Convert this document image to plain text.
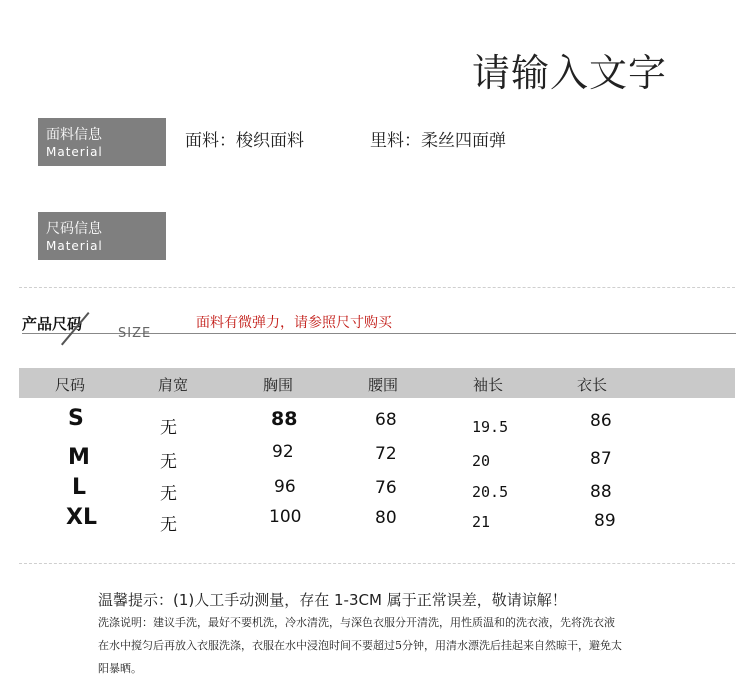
请输入文字
面料信息
Material
面料：梭织面料	里料：柔丝四面弹
尺码信息
Material
产品尺码
SIZE
面料有微弹力，请参照尺寸购买
尺码	肩宽	胸围	腰围	袖长	衣长
S	无	88	68	19.5	86
M	无	92	72	20	87
L	无	96	76	20.5	88
XL	无	100	80	21	89
温馨提示：(1)人工手动测量，存在 1-3CM 属于正常误差，敬请谅解！
洗涤说明：建议手洗，最好不要机洗，冷水清洗，与深色衣服分开清洗，用性质温和的洗衣液，先将洗衣液
在水中搅匀后再放入衣服洗涤，衣服在水中浸泡时间不要超过5分钟，用清水漂洗后挂起来自然晾干，避免太
阳暴晒。
